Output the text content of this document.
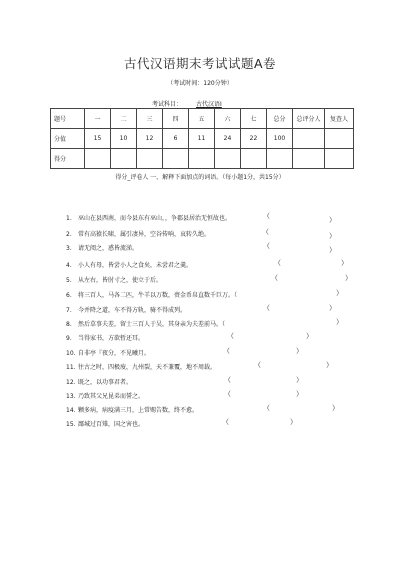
古代汉语期末考试试题A卷
（考试时间：120分钟）
考试科目： 古代汉语Ⅰ
题号	一	二	三	四	五	六	七	总分	总评分人	复查人
分值	15	10	12	6	11	24	22	100		
得分										
得分_评卷人 一、解释下面加点的词语。（每小题1分，共15分）
1. 巫山在县西南，而今县东有巫山，，争郡县居治无恒故也。	（	）
2. 常有高猿长啸，属引凄异，空谷传响，哀转久绝。	（	）
3. 请无阅之，惑皆流涕。	（	）
4. 小人有母，皆尝小人之食矣，未尝君之羹。	（	）
5. 从左右，皆肘寸之，使立于后。	（	）
6. 将三百人，马各二匹，牛羊以万数，赍金币帛直数千巨万。（	）
7. 今并降之道，车不得方轨，骑不得成列。	（	）
8. 然后草事夫差，留士三百人于吴，其身亲为夫差前马。（	）
9. 当得家书，方欲暂还耳。	（	）
10. 自非亭『夜分，不见曦月。	（	）
11. 往古之时，四极废，九州裂，天不兼覆，地不周载。	（	）
12. 既之，以功事君者。	（	）
13. 乃致其父兄昆弟而誓之。	（	）
14. 颗多病，病疫满三月，上常赐告数，终不愈。	（	）
15. 鄙城过百雉，国之害也。	（	）
